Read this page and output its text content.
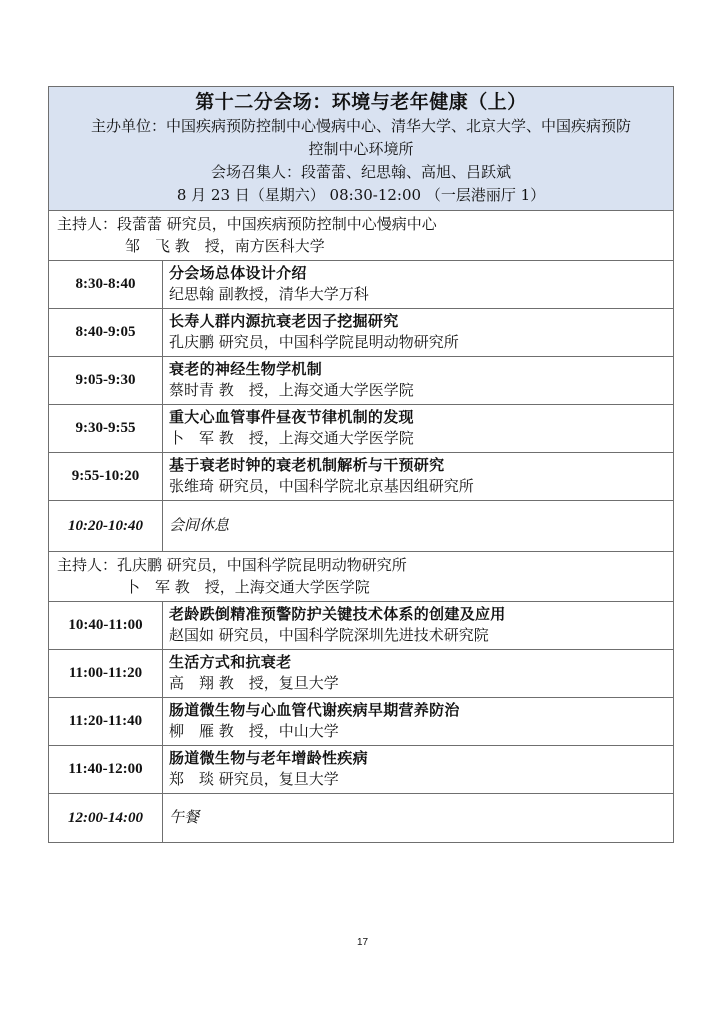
第十二分会场：环境与老年健康（上）
主办单位：中国疾病预防控制中心慢病中心、清华大学、北京大学、中国疾病预防
控制中心环境所
会场召集人：段蕾蕾、纪思翰、高旭、吕跃斌
8 月 23 日（星期六） 08:30-12:00 （一层港丽厅 1）
主持人：段蕾蕾 研究员，中国疾病预防控制中心慢病中心
邹　飞 教　授，南方医科大学
8:30-8:40
分会场总体设计介绍
纪思翰 副教授，清华大学万科
8:40-9:05
长寿人群内源抗衰老因子挖掘研究
孔庆鹏 研究员，中国科学院昆明动物研究所
9:05-9:30
衰老的神经生物学机制
蔡时青 教　授，上海交通大学医学院
9:30-9:55
重大心血管事件昼夜节律机制的发现
卜　军 教　授，上海交通大学医学院
9:55-10:20
基于衰老时钟的衰老机制解析与干预研究
张维琦 研究员，中国科学院北京基因组研究所
10:20-10:40	会间休息
主持人：孔庆鹏 研究员，中国科学院昆明动物研究所
卜　军 教　授，上海交通大学医学院
10:40-11:00
老龄跌倒精准预警防护关键技术体系的创建及应用
赵国如 研究员，中国科学院深圳先进技术研究院
11:00-11:20
生活方式和抗衰老
高　翔 教　授，复旦大学
11:20-11:40
肠道微生物与心血管代谢疾病早期营养防治
柳　雁 教　授，中山大学
11:40-12:00
肠道微生物与老年增龄性疾病
郑　琰 研究员，复旦大学
12:00-14:00	午餐
17
